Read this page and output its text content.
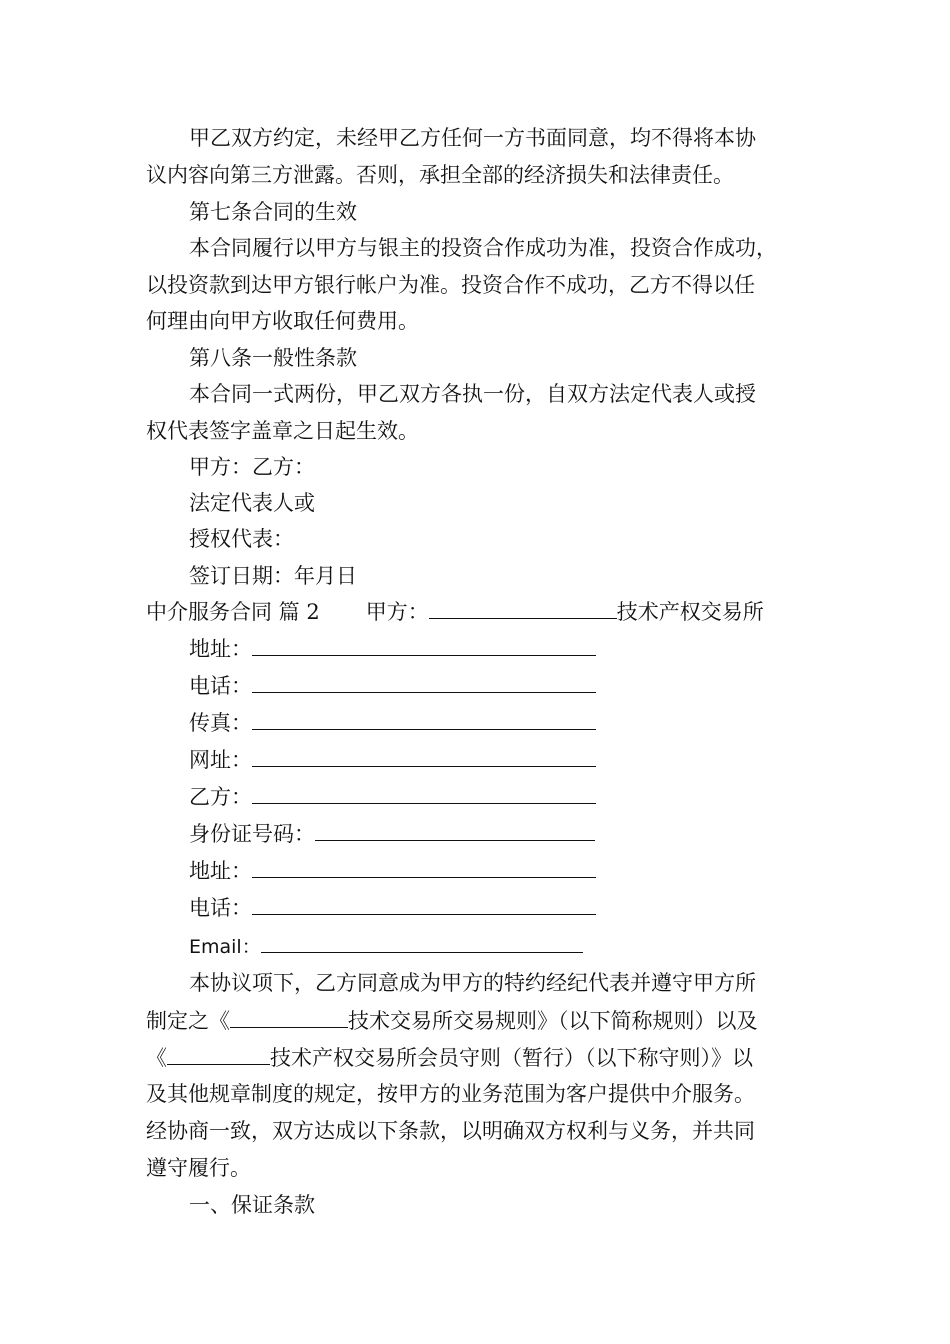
甲乙双方约定，未经甲乙方任何一方书面同意，均不得将本协
议内容向第三方泄露。否则，承担全部的经济损失和法律责任。
第七条合同的生效
本合同履行以甲方与银主的投资合作成功为准，投资合作成功，
以投资款到达甲方银行帐户为准。投资合作不成功，乙方不得以任
何理由向甲方收取任何费用。
第八条一般性条款
本合同一式两份，甲乙双方各执一份，自双方法定代表人或授
权代表签字盖章之日起生效。
甲方：乙方：
法定代表人或
授权代表：
签订日期：年月日
中介服务合同 篇 2 甲方：	技术产权交易所
地址：
电话：
传真：
网址：
乙方：
身份证号码：
地址：
电话：
Email：
本协议项下，乙方同意成为甲方的特约经纪代表并遵守甲方所
制定之《	技术交易所交易规则》（以下简称规则）以及
《	技术产权交易所会员守则（暂行）（以下称守则）》以
及其他规章制度的规定，按甲方的业务范围为客户提供中介服务。
经协商一致，双方达成以下条款，以明确双方权利与义务，并共同
遵守履行。
一、保证条款
